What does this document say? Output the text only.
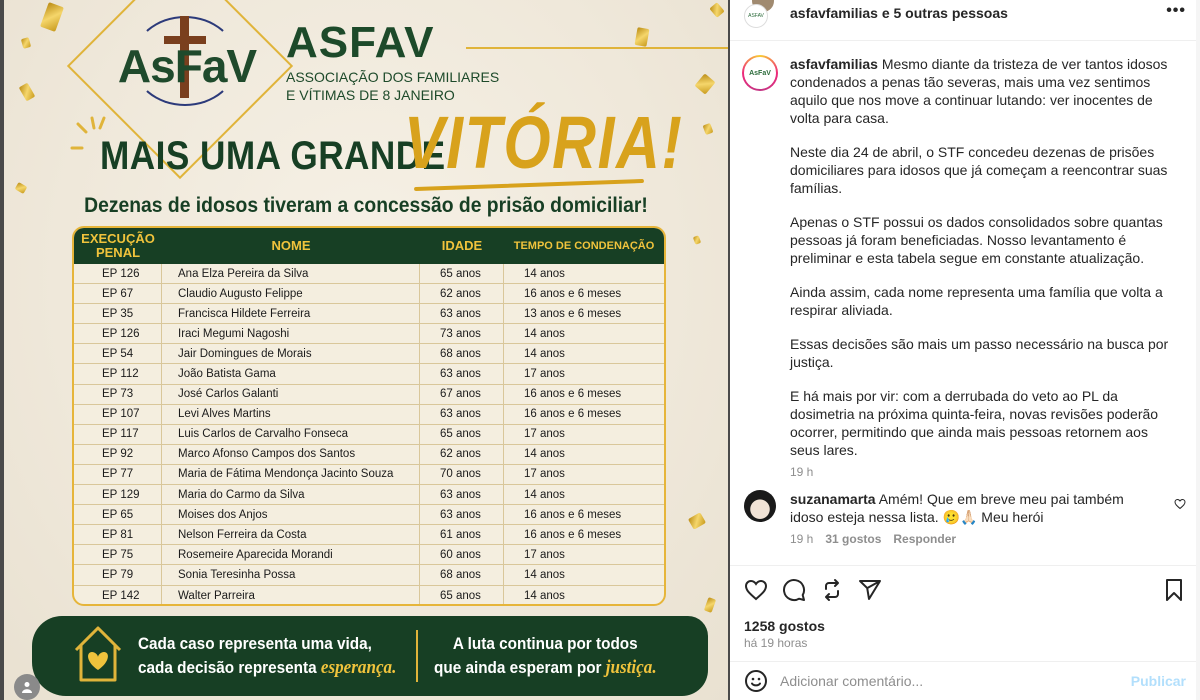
AsFaV ASFAV
ASSOCIAÇÃO DOS FAMILIARES
E VÍTIMAS DE 8 JANEIRO
MAIS UMA GRANDE
VITÓRIA!
Dezenas de idosos tiveram a concessão de prisão domiciliar!
EXECUÇÃO PENAL	NOME	IDADE	TEMPO DE CONDENAÇÃO
EP 126	Ana Elza Pereira da Silva	65 anos	14 anos
EP 67	Claudio Augusto Felippe	62 anos	16 anos e 6 meses
EP 35	Francisca Hildete Ferreira	63 anos	13 anos e 6 meses
EP 126	Iraci Megumi Nagoshi	73 anos	14 anos
EP 54	Jair Domingues de Morais	68 anos	14 anos
EP 112	João Batista Gama	63 anos	17 anos
EP 73	José Carlos Galanti	67 anos	16 anos e 6 meses
EP 107	Levi Alves Martins	63 anos	16 anos e 6 meses
EP 117	Luis Carlos de Carvalho Fonseca	65 anos	17 anos
EP 92	Marco Afonso Campos dos Santos	62 anos	14 anos
EP 77	Maria de Fátima Mendonça Jacinto Souza	70 anos	17 anos
EP 129	Maria do Carmo da Silva	63 anos	14 anos
EP 65	Moises dos Anjos	63 anos	16 anos e 6 meses
EP 81	Nelson Ferreira da Costa	61 anos	16 anos e 6 meses
EP 75	Rosemeire Aparecida Morandi	60 anos	17 anos
EP 79	Sonia Teresinha Possa	68 anos	14 anos
EP 142	Walter Parreira	65 anos	14 anos
Cada caso representa uma vida,
cada decisão representa esperança.
A luta continua por todos
que ainda esperam por justiça.
ASFAV asfavfamilias e 5 outras pessoas	•••
AsFaV

asfavfamilias Mesmo diante da tristeza de ver tantos idosos condenados a penas tão severas, mais uma vez sentimos aquilo que nos move a continuar lutando: ver inocentes de volta para casa.

Neste dia 24 de abril, o STF concedeu dezenas de prisões domiciliares para idosos que já começam a reencontrar suas famílias.

Apenas o STF possui os dados consolidados sobre quantas pessoas já foram beneficiadas. Nosso levantamento é preliminar e esta tabela segue em constante atualização.

Ainda assim, cada nome representa uma família que volta a respirar aliviada.

Essas decisões são mais um passo necessário na busca por justiça.

E há mais por vir: com a derrubada do veto ao PL da dosimetria na próxima quinta-feira, novas revisões poderão ocorrer, permitindo que ainda mais pessoas retornem aos seus lares.

19 h
suzanamarta Amém! Que em breve meu pai também idoso esteja nessa lista. 🥲🙏🏻 Meu herói
19 h 31 gostos Responder
1258 gostos
há 19 horas
Adicionar comentário...
Publicar
